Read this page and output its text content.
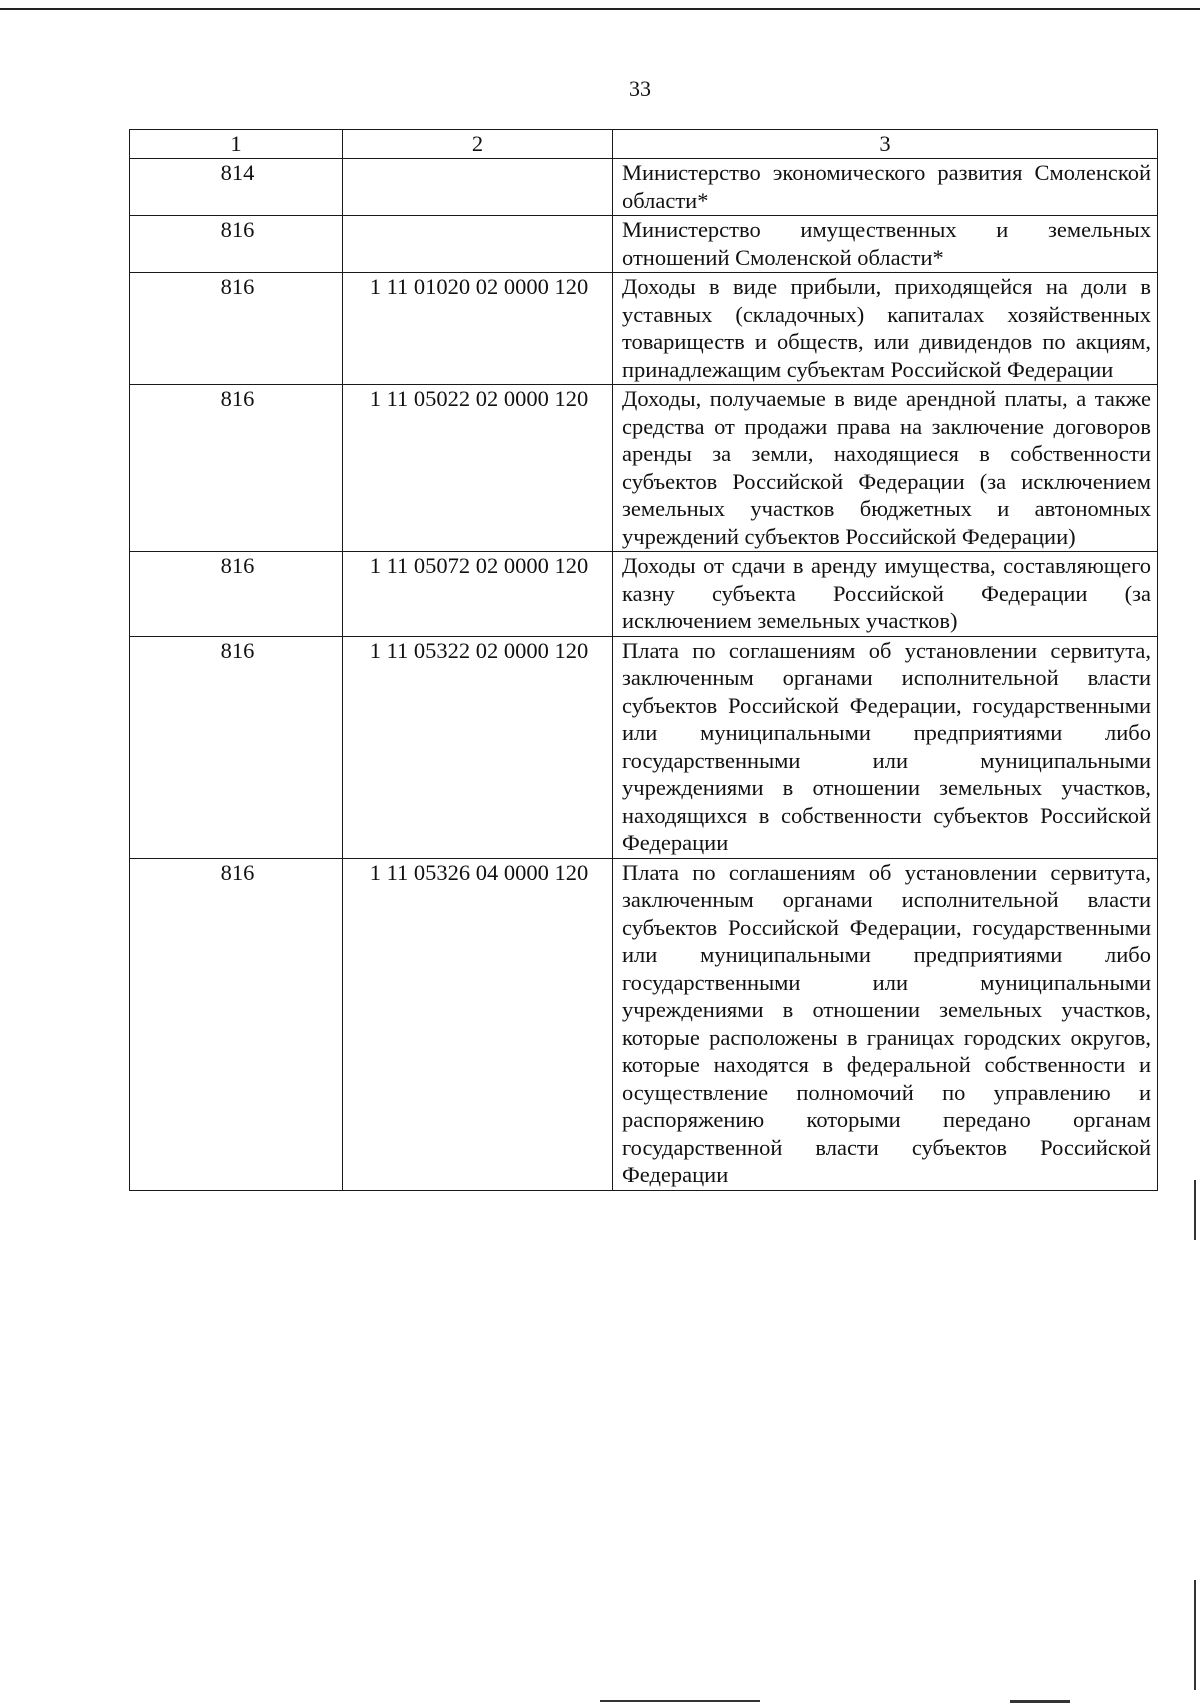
33
1	2	3
814		Министерство экономического развития Смоленской области*
816		Министерство имущественных и земельных отношений Смоленской области*
816	1 11 01020 02 0000 120	Доходы в виде прибыли, приходящейся на доли в уставных (складочных) капиталах хозяйственных товариществ и обществ, или дивидендов по акциям, принадлежащим субъектам Российской Федерации
816	1 11 05022 02 0000 120	Доходы, получаемые в виде арендной платы, а также средства от продажи права на заключение договоров аренды за земли, находящиеся в собственности субъектов Российской Федерации (за исключением земельных участков бюджетных и автономных учреждений субъектов Российской Федерации)
816	1 11 05072 02 0000 120	Доходы от сдачи в аренду имущества, составляющего казну субъекта Российской Федерации (за исключением земельных участков)
816	1 11 05322 02 0000 120	Плата по соглашениям об установлении сервитута, заключенным органами исполнительной власти субъектов Российской Федерации, государственными или муниципальными предприятиями либо государственными или муниципальными учреждениями в отношении земельных участков, находящихся в собственности субъектов Российской Федерации
816	1 11 05326 04 0000 120	Плата по соглашениям об установлении сервитута, заключенным органами исполнительной власти субъектов Российской Федерации, государственными или муниципальными предприятиями либо государственными или муниципальными учреждениями в отношении земельных участков, которые расположены в границах городских округов, которые находятся в федеральной собственности и осуществление полномочий по управлению и распоряжению которыми передано органам государственной власти субъектов Российской Федерации
